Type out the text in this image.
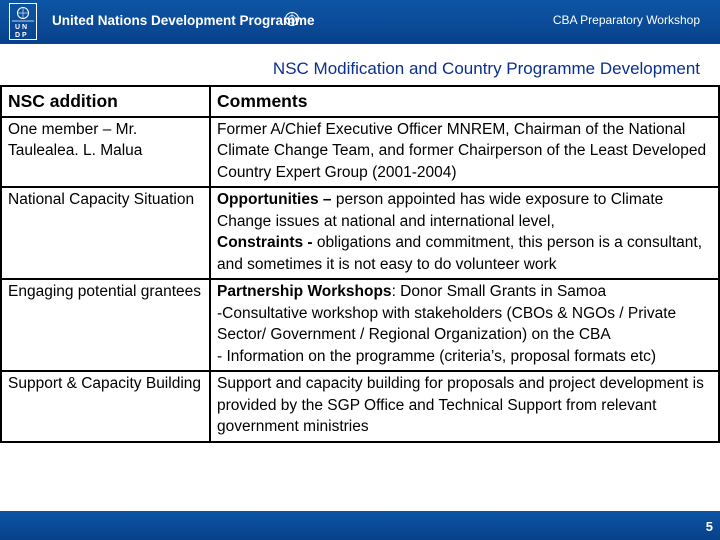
U N
D P
United Nations Development Programme	CBA Preparatory Workshop
NSC Modification and Country Programme Development
NSC addition	Comments
One member – Mr. Taulealea. L. Malua	Former A/Chief Executive Officer MNREM, Chairman of the National Climate Change Team, and former Chairperson of the Least Developed Country Expert Group (2001-2004)
National Capacity Situation	Opportunities – person appointed has wide exposure to Climate Change issues at national and international level,
Constraints - obligations and commitment, this person is a consultant, and sometimes it is not easy to do volunteer work
Engaging potential grantees	Partnership Workshops: Donor Small Grants in Samoa
-Consultative workshop with stakeholders (CBOs & NGOs / Private Sector/ Government / Regional Organization) on the CBA
- Information on the programme (criteria’s, proposal formats etc)
Support & Capacity Building	Support and capacity building for proposals and project development is provided by the SGP Office and Technical Support from relevant government ministries
5
